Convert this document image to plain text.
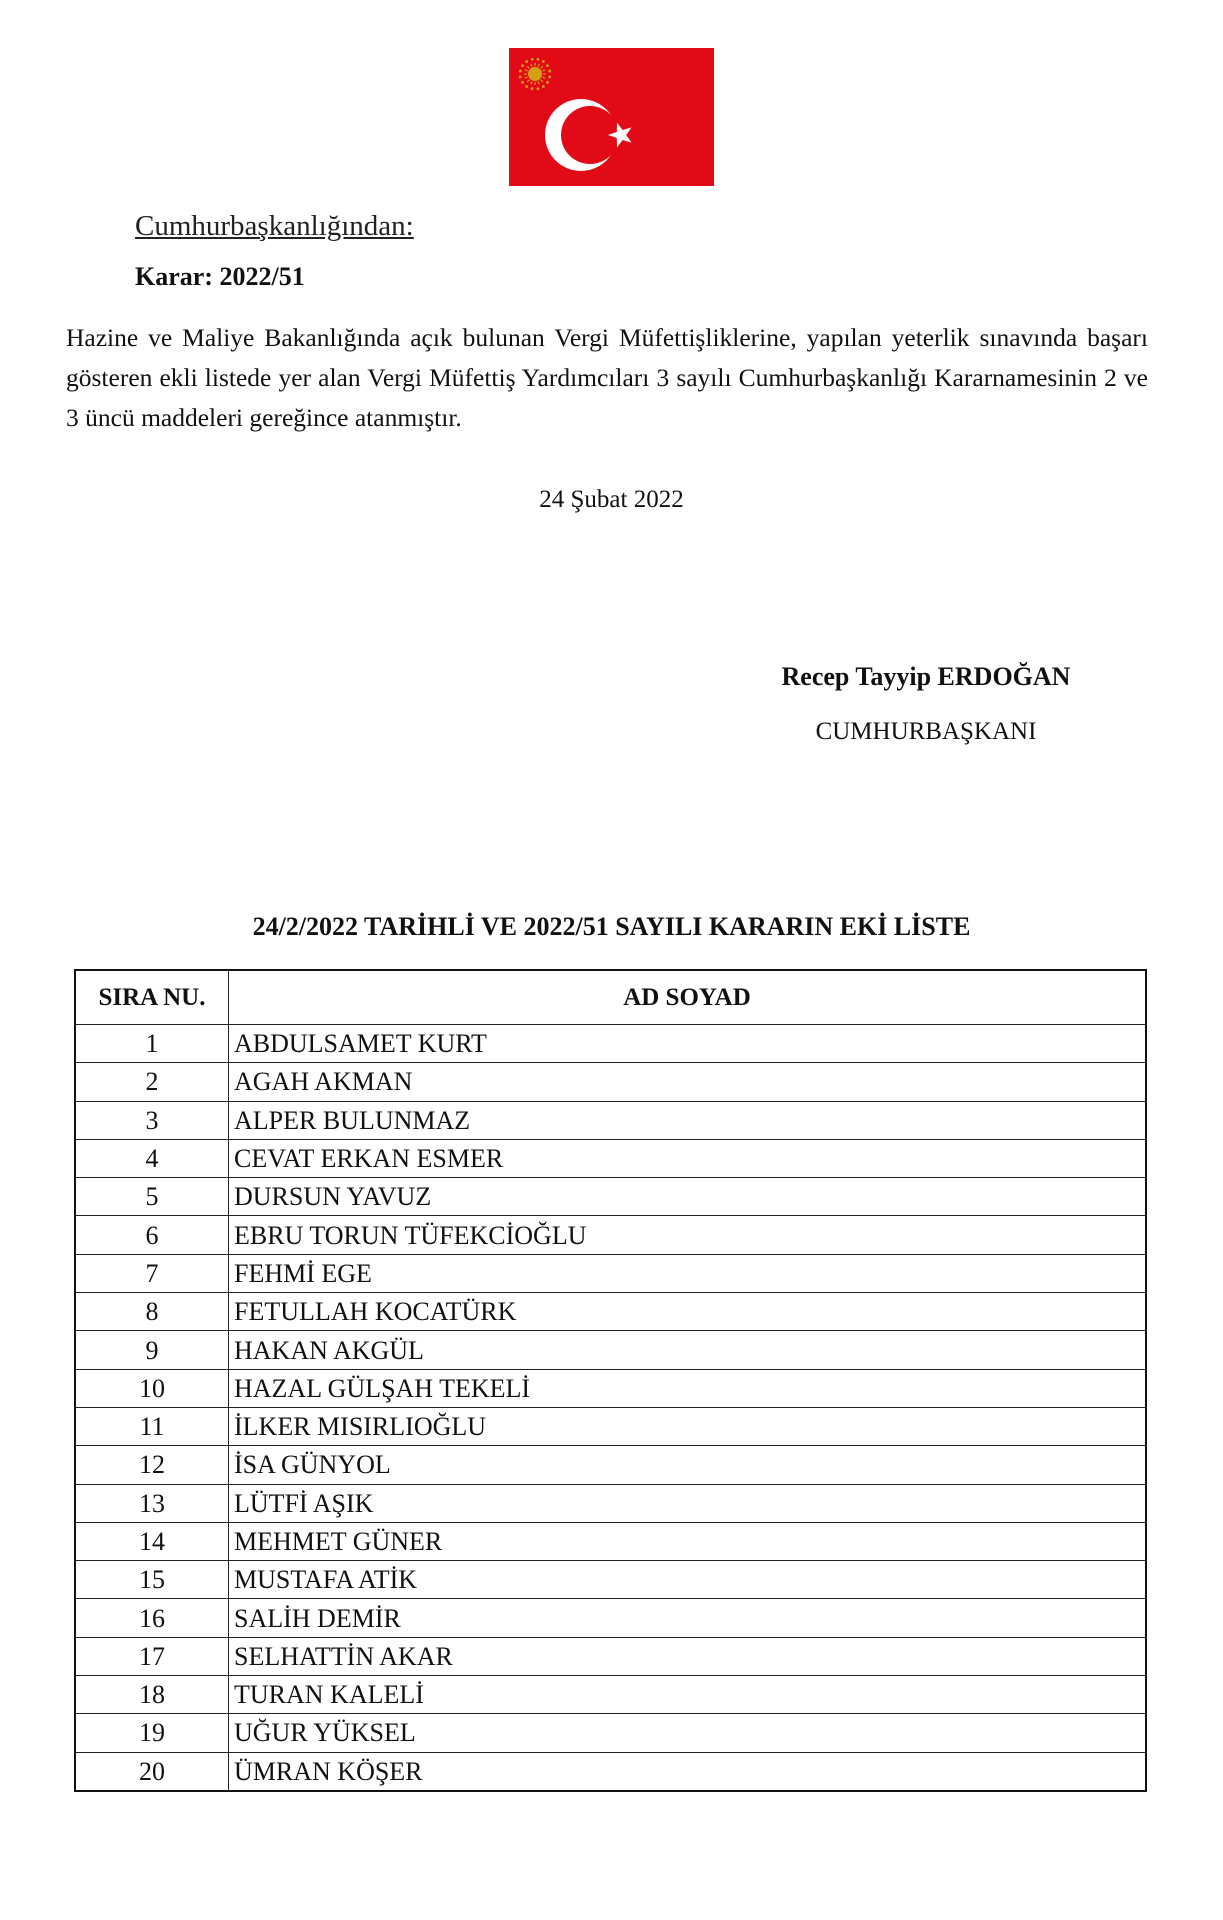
Cumhurbaşkanlığından:
Karar: 2022/51
Hazine ve Maliye Bakanlığında açık bulunan Vergi Müfettişliklerine, yapılan yeterlik sınavında başarı gösteren ekli listede yer alan Vergi Müfettiş Yardımcıları 3 sayılı Cumhurbaşkanlığı Kararnamesinin 2 ve 3 üncü maddeleri gereğince atanmıştır.
24 Şubat 2022
Recep Tayyip ERDOĞAN
CUMHURBAŞKANI
24/2/2022 TARİHLİ VE 2022/51 SAYILI KARARIN EKİ LİSTE
SIRA NU.	AD SOYAD
1	ABDULSAMET KURT
2	AGAH AKMAN
3	ALPER BULUNMAZ
4	CEVAT ERKAN ESMER
5	DURSUN YAVUZ
6	EBRU TORUN TÜFEKCİOĞLU
7	FEHMİ EGE
8	FETULLAH KOCATÜRK
9	HAKAN AKGÜL
10	HAZAL GÜLŞAH TEKELİ
11	İLKER MISIRLIOĞLU
12	İSA GÜNYOL
13	LÜTFİ AŞIK
14	MEHMET GÜNER
15	MUSTAFA ATİK
16	SALİH DEMİR
17	SELHATTİN AKAR
18	TURAN KALELİ
19	UĞUR YÜKSEL
20	ÜMRAN KÖŞER
